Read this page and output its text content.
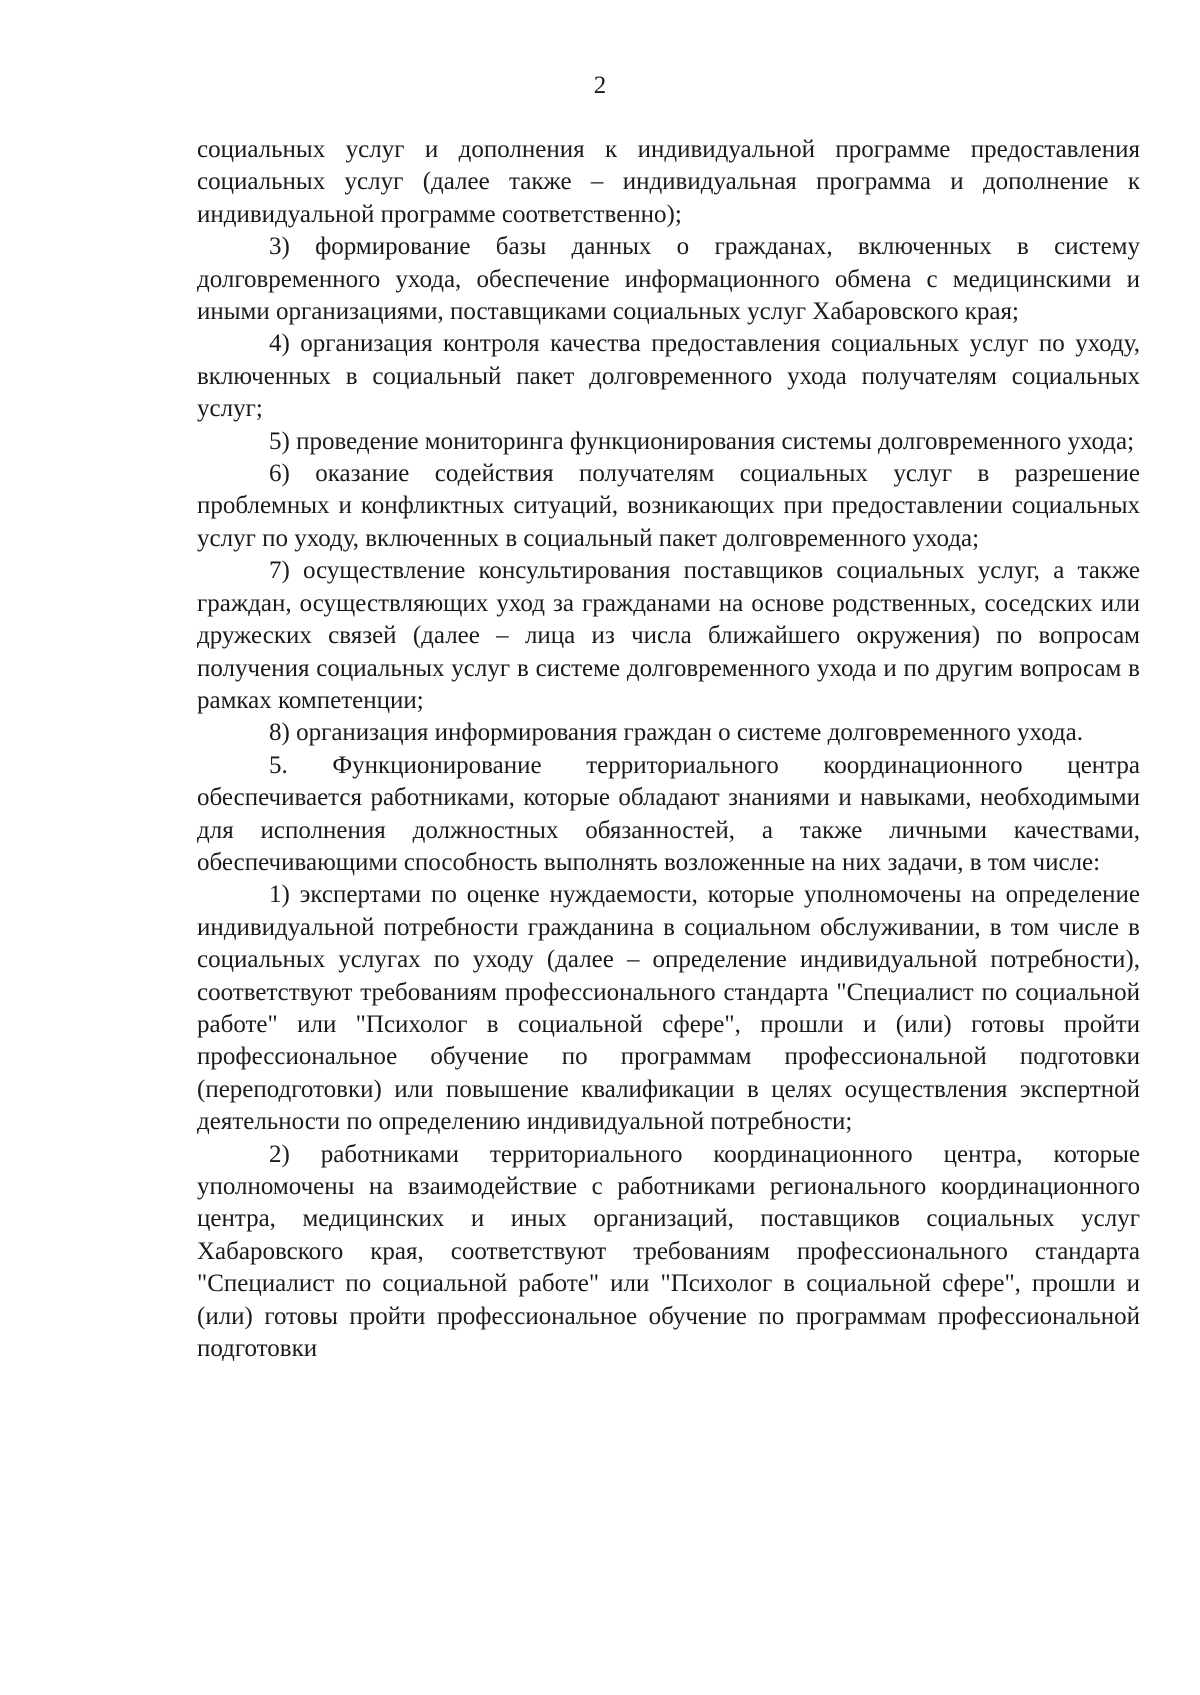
2

социальных услуг и дополнения к индивидуальной программе предоставления социальных услуг (далее также – индивидуальная программа и дополнение к индивидуальной программе соответственно);

3) формирование базы данных о гражданах, включенных в систему долговременного ухода, обеспечение информационного обмена с медицинскими и иными организациями, поставщиками социальных услуг Хабаровского края;

4) организация контроля качества предоставления социальных услуг по уходу, включенных в социальный пакет долговременного ухода получателям социальных услуг;

5) проведение мониторинга функционирования системы долговременного ухода;

6) оказание содействия получателям социальных услуг в разрешение проблемных и конфликтных ситуаций, возникающих при предоставлении социальных услуг по уходу, включенных в социальный пакет долговременного ухода;

7) осуществление консультирования поставщиков социальных услуг, а также граждан, осуществляющих уход за гражданами на основе родственных, соседских или дружеских связей (далее – лица из числа ближайшего окружения) по вопросам получения социальных услуг в системе долговременного ухода и по другим вопросам в рамках компетенции;

8) организация информирования граждан о системе долговременного ухода.

5. Функционирование территориального координационного центра обеспечивается работниками, которые обладают знаниями и навыками, необходимыми для исполнения должностных обязанностей, а также личными качествами, обеспечивающими способность выполнять возложенные на них задачи, в том числе:

1) экспертами по оценке нуждаемости, которые уполномочены на определение индивидуальной потребности гражданина в социальном обслуживании, в том числе в социальных услугах по уходу (далее – определение индивидуальной потребности), соответствуют требованиям профессионального стандарта "Специалист по социальной работе" или "Психолог в социальной сфере", прошли и (или) готовы пройти профессиональное обучение по программам профессиональной подготовки (переподготовки) или повышение квалификации в целях осуществления экспертной деятельности по определению индивидуальной потребности;

2) работниками территориального координационного центра, которые уполномочены на взаимодействие с работниками регионального координационного центра, медицинских и иных организаций, поставщиков социальных услуг Хабаровского края, соответствуют требованиям профессионального стандарта "Специалист по социальной работе" или "Психолог в социальной сфере", прошли и (или) готовы пройти профессиональное обучение по программам профессиональной подготовки
